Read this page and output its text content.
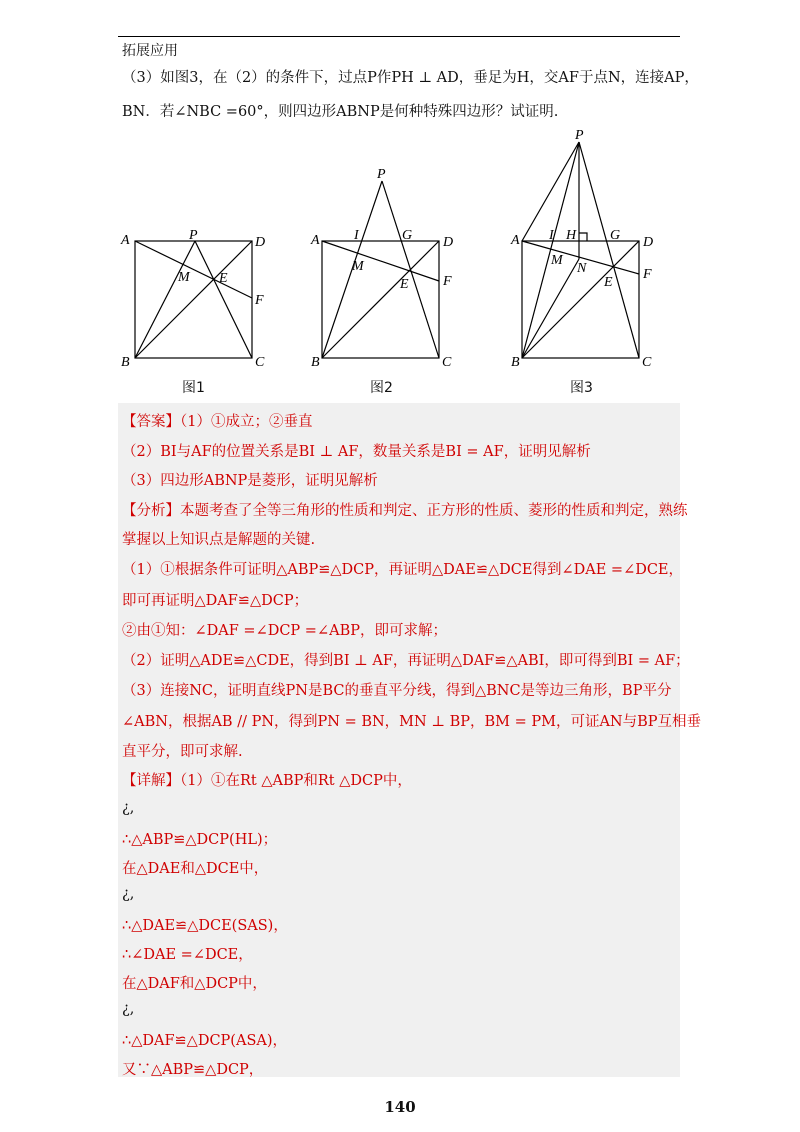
拓展应用
（3）如图3，在（2）的条件下，过点P作PH ⊥ AD，垂足为H，交AF于点N，连接AP，
BN．若∠NBC =60°，则四边形ABNP是何种特殊四边形？试证明.
A	P	D
M E
F
B	C
P
A I	G D
M
E F
B	C
P
A I H G D
M
N
E
F
B	C
图1	图2	图3
【答案】（1）①成立；②垂直
（2）BI与AF的位置关系是BI ⊥ AF，数量关系是BI = AF，证明见解析
（3）四边形ABNP是菱形，证明见解析
【分析】本题考查了全等三角形的性质和判定、正方形的性质、菱形的性质和判定，熟练
掌握以上知识点是解题的关键.
（1）①根据条件可证明△ABP≌△DCP，再证明△DAE≌△DCE得到∠DAE =∠DCE，
即可再证明△DAF≌△DCP；
②由①知：∠DAF =∠DCP =∠ABP，即可求解；
（2）证明△ADE≌△CDE，得到BI ⊥ AF，再证明△DAF≌△ABI，即可得到BI = AF；
（3）连接NC，证明直线PN是BC的垂直平分线，得到△BNC是等边三角形，BP平分
∠ABN，根据AB // PN，得到PN = BN，MN ⊥ BP，BM = PM，可证AN与BP互相垂
直平分，即可求解.
【详解】（1）①在Rt △ABP和Rt △DCP中，
¿,
∴△ABP≌△DCP(HL)；
在△DAE和△DCE中，
¿,
∴△DAE≌△DCE(SAS)，
∴∠DAE =∠DCE，
在△DAF和△DCP中，
¿,
∴△DAF≌△DCP(ASA)，
又∵△ABP≌△DCP，
140
